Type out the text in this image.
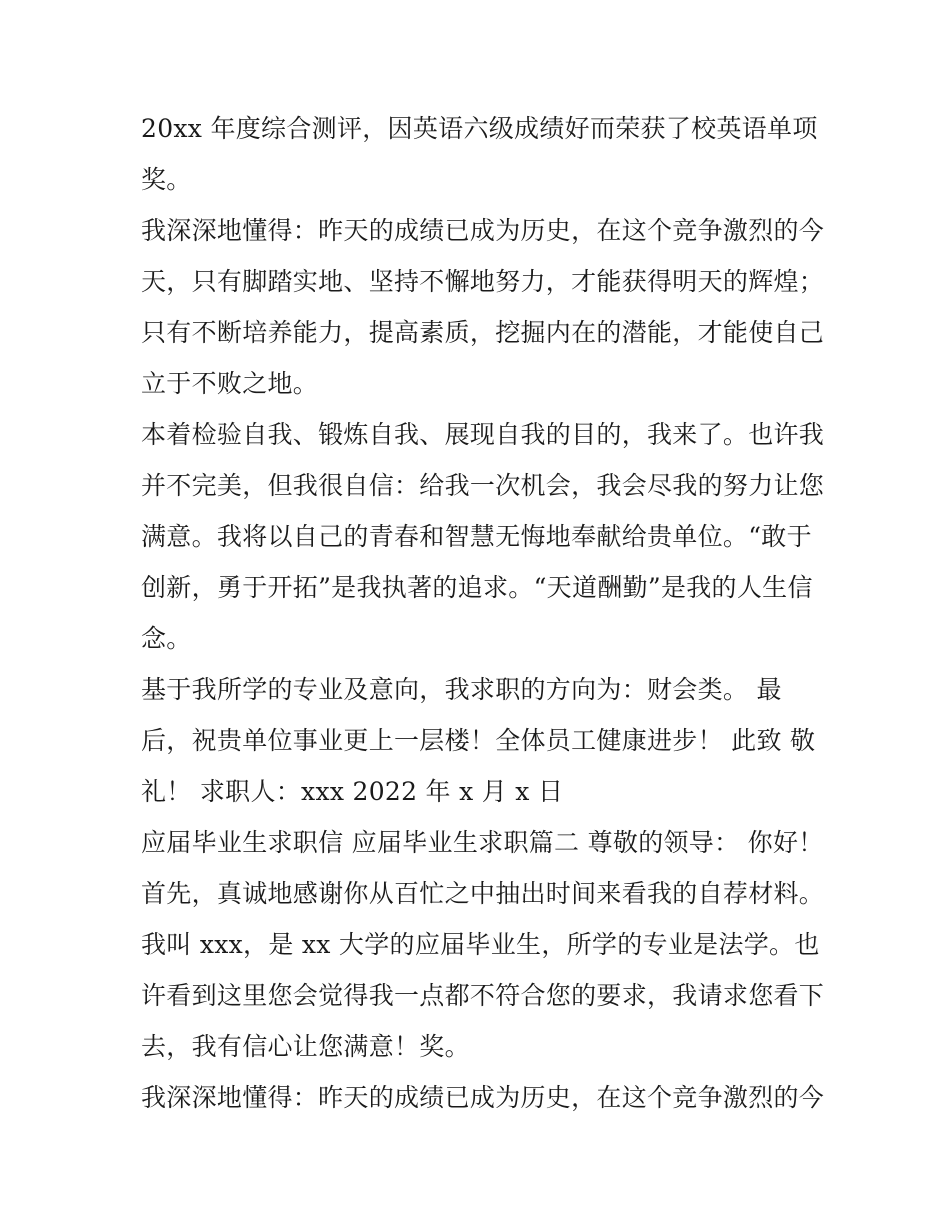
20xx 年度综合测评，因英语六级成绩好而荣获了校英语单项
奖。
我深深地懂得：昨天的成绩已成为历史，在这个竞争激烈的今
天，只有脚踏实地、坚持不懈地努力，才能获得明天的辉煌；
只有不断培养能力，提高素质，挖掘内在的潜能，才能使自己
立于不败之地。
本着检验自我、锻炼自我、展现自我的目的，我来了。也许我
并不完美，但我很自信：给我一次机会，我会尽我的努力让您
满意。我将以自己的青春和智慧无悔地奉献给贵单位。“敢于
创新，勇于开拓”是我执著的追求。“天道酬勤”是我的人生信
念。
基于我所学的专业及意向，我求职的方向为：财会类。 最
后，祝贵单位事业更上一层楼！全体员工健康进步！ 此致 敬
礼！ 求职人：xxx 2022 年 x 月 x 日
应届毕业生求职信 应届毕业生求职篇二 尊敬的领导： 你好！
首先，真诚地感谢你从百忙之中抽出时间来看我的自荐材料。
我叫 xxx，是 xx 大学的应届毕业生，所学的专业是法学。也
许看到这里您会觉得我一点都不符合您的要求，我请求您看下
去，我有信心让您满意！奖。
我深深地懂得：昨天的成绩已成为历史，在这个竞争激烈的今
